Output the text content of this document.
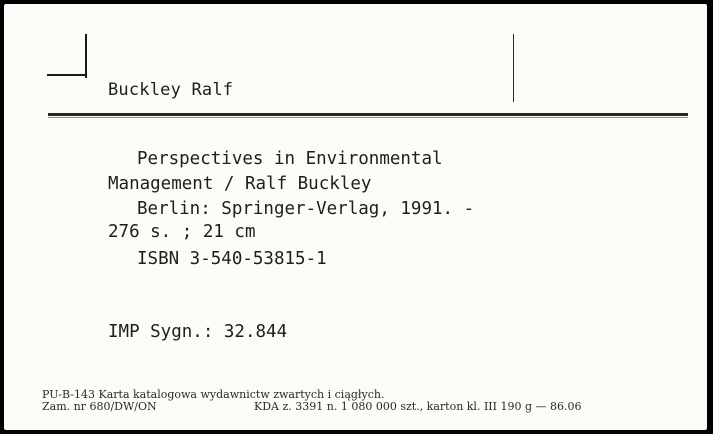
Buckley Ralf
Perspectives in Environmental
Management / Ralf Buckley
Berlin: Springer-Verlag, 1991. -
276 s. ; 21 cm
ISBN 3-540-53815-1
IMP Sygn.: 32.844
PU-B-143 Karta katalogowa wydawnictw zwartych i ciągłych.
Zam. nr 680/DW/ON	KDA z. 3391 n. 1 080 000 szt., karton kl. III 190 g — 86.06
